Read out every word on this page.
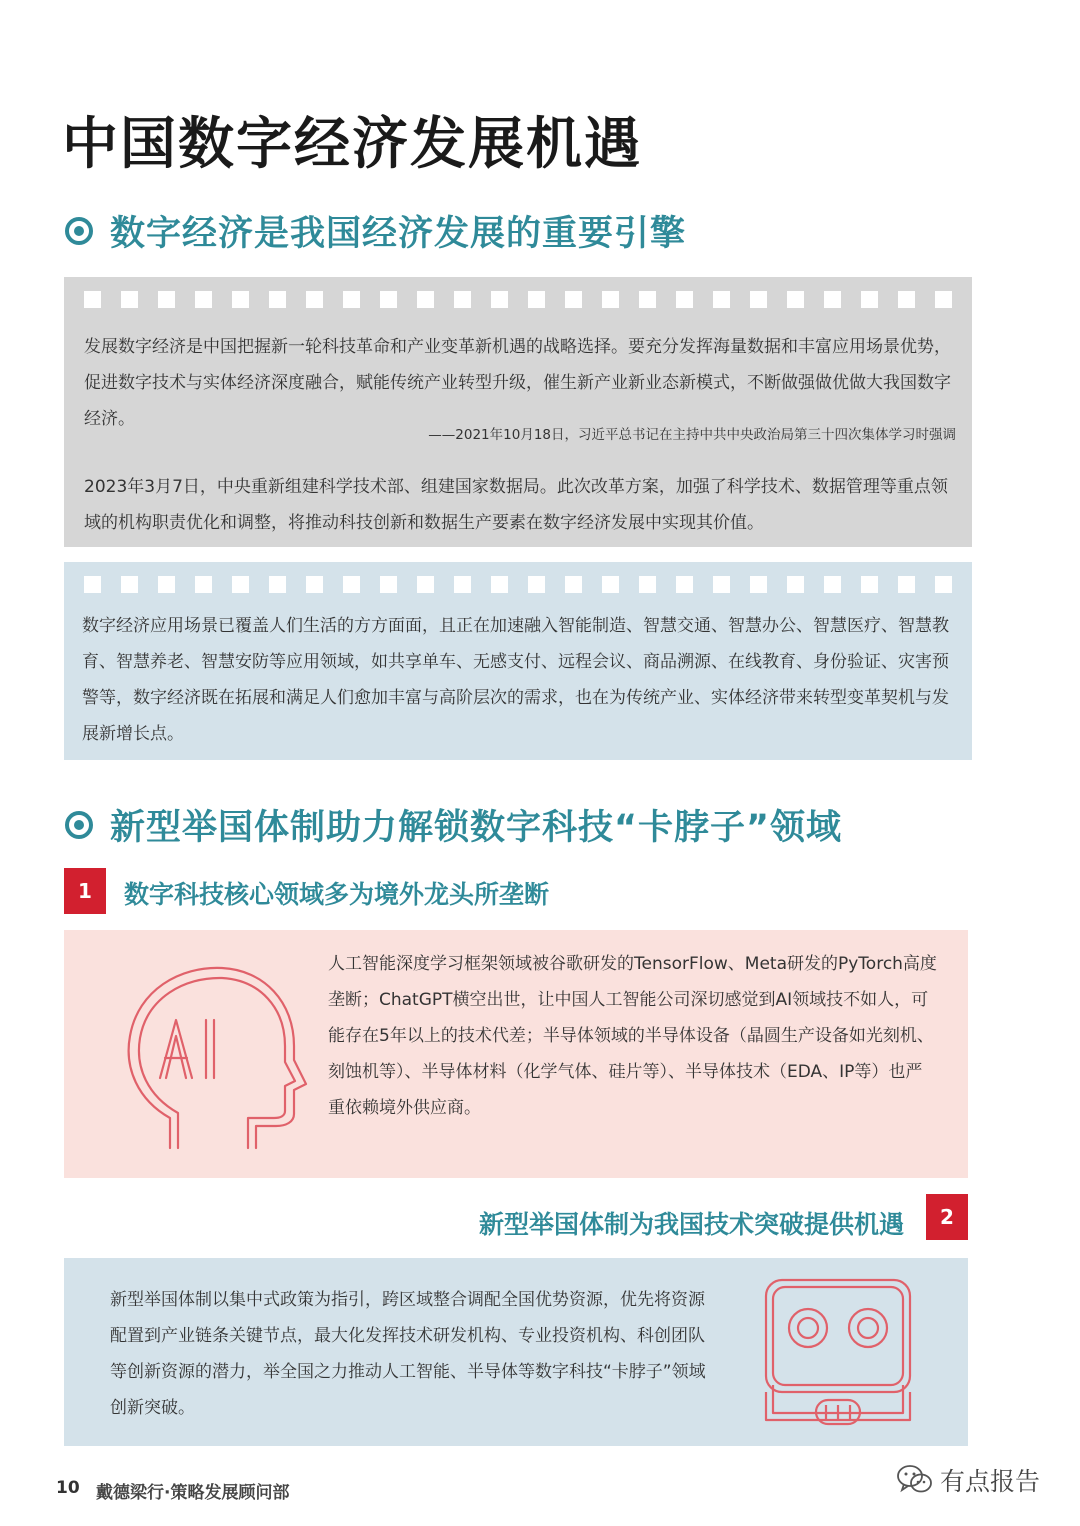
中国数字经济发展机遇
数字经济是我国经济发展的重要引擎
发展数字经济是中国把握新一轮科技革命和产业变革新机遇的战略选择。要充分发挥海量数据和丰富应用场景优势，促进数字技术与实体经济深度融合，赋能传统产业转型升级，催生新产业新业态新模式，不断做强做优做大我国数字经济。
——2021年10月18日，习近平总书记在主持中共中央政治局第三十四次集体学习时强调
2023年3月7日，中央重新组建科学技术部、组建国家数据局。此次改革方案，加强了科学技术、数据管理等重点领域的机构职责优化和调整，将推动科技创新和数据生产要素在数字经济发展中实现其价值。
数字经济应用场景已覆盖人们生活的方方面面，且正在加速融入智能制造、智慧交通、智慧办公、智慧医疗、智慧教育、智慧养老、智慧安防等应用领域，如共享单车、无感支付、远程会议、商品溯源、在线教育、身份验证、灾害预警等，数字经济既在拓展和满足人们愈加丰富与高阶层次的需求，也在为传统产业、实体经济带来转型变革契机与发展新增长点。
新型举国体制助力解锁数字科技“卡脖子”领域
1	数字科技核心领域多为境外龙头所垄断
人工智能深度学习框架领域被谷歌研发的TensorFlow、Meta研发的PyTorch高度垄断；ChatGPT横空出世，让中国人工智能公司深切感觉到AI领域技不如人，可能存在5年以上的技术代差；半导体领域的半导体设备（晶圆生产设备如光刻机、刻蚀机等）、半导体材料（化学气体、硅片等）、半导体技术（EDA、IP等）也严重依赖境外供应商。
新型举国体制为我国技术突破提供机遇	2
新型举国体制以集中式政策为指引，跨区域整合调配全国优势资源，优先将资源配置到产业链条关键节点，最大化发挥技术研发机构、专业投资机构、科创团队等创新资源的潜力，举全国之力推动人工智能、半导体等数字科技“卡脖子”领域创新突破。
10 戴德梁行·策略发展顾问部	有点报告
